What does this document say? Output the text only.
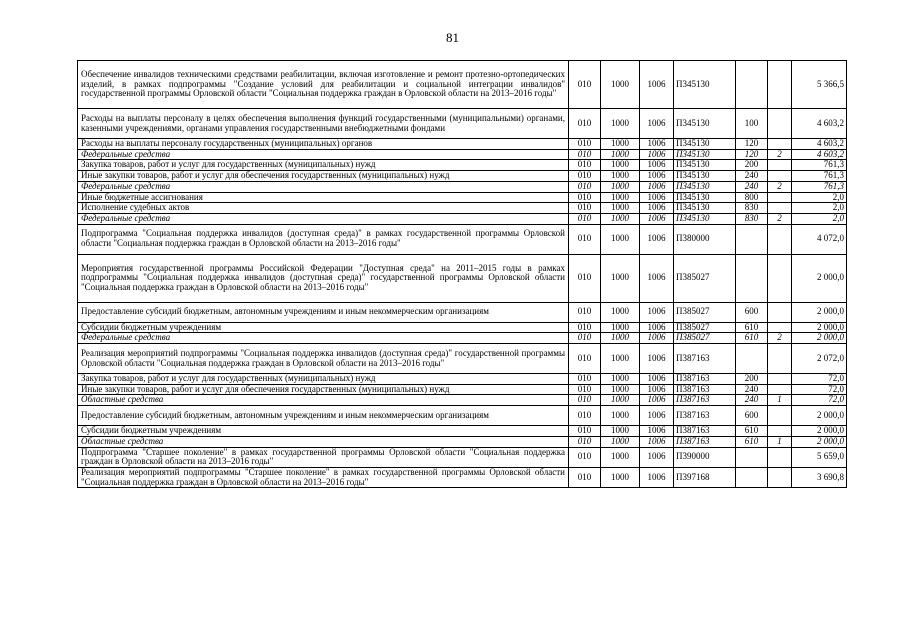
81
Обеспечение инвалидов техническими средствами реабилитации, включая изготовление и ремонт протезно-ортопедических изделий, в рамках подпрограммы "Создание условий для реабилитации и социальной интеграции инвалидов" государственной программы Орловской области "Социальная поддержка граждан в Орловской области на 2013–2016 годы"	010	1000	1006	П345130			5 366,5
Расходы на выплаты персоналу в целях обеспечения выполнения функций государственными (муниципальными) органами, казенными учреждениями, органами управления государственными внебюджетными фондами	010	1000	1006	П345130	100		4 603,2
Расходы на выплаты персоналу государственных (муниципальных) органов	010	1000	1006	П345130	120		4 603,2
Федеральные средства	010	1000	1006	П345130	120	2	4 603,2
Закупка товаров, работ и услуг для государственных (муниципальных) нужд	010	1000	1006	П345130	200		761,3
Иные закупки товаров, работ и услуг для обеспечения государственных (муниципальных) нужд	010	1000	1006	П345130	240		761,3
Федеральные средства	010	1000	1006	П345130	240	2	761,3
Иные бюджетные ассигнования	010	1000	1006	П345130	800		2,0
Исполнение судебных актов	010	1000	1006	П345130	830		2,0
Федеральные средства	010	1000	1006	П345130	830	2	2,0
Подпрограмма "Социальная поддержка инвалидов (доступная среда)" в рамках государственной программы Орловской области "Социальная поддержка граждан в Орловской области на 2013–2016 годы"	010	1000	1006	П380000			4 072,0
Мероприятия государственной программы Российской Федерации "Доступная среда" на 2011–2015 годы в рамках подпрограммы "Социальная поддержка инвалидов (доступная среда)" государственной программы Орловской области "Социальная поддержка граждан в Орловской области на 2013–2016 годы"	010	1000	1006	П385027			2 000,0
Предоставление субсидий бюджетным, автономным учреждениям и иным некоммерческим организациям	010	1000	1006	П385027	600		2 000,0
Субсидии бюджетным учреждениям	010	1000	1006	П385027	610		2 000,0
Федеральные средства	010	1000	1006	П385027	610	2	2 000,0
Реализация мероприятий подпрограммы "Социальная поддержка инвалидов (доступная среда)" государственной программы Орловской области "Социальная поддержка граждан в Орловской области на 2013–2016 годы"	010	1000	1006	П387163			2 072,0
Закупка товаров, работ и услуг для государственных (муниципальных) нужд	010	1000	1006	П387163	200		72,0
Иные закупки товаров, работ и услуг для обеспечения государственных (муниципальных) нужд	010	1000	1006	П387163	240		72,0
Областные средства	010	1000	1006	П387163	240	1	72,0
Предоставление субсидий бюджетным, автономным учреждениям и иным некоммерческим организациям	010	1000	1006	П387163	600		2 000,0
Субсидии бюджетным учреждениям	010	1000	1006	П387163	610		2 000,0
Областные средства	010	1000	1006	П387163	610	1	2 000,0
Подпрограмма "Старшее поколение" в рамках государственной программы Орловской области "Социальная поддержка граждан в Орловской области на 2013–2016 годы"	010	1000	1006	П390000			5 659,0
Реализация мероприятий подпрограммы "Старшее поколение" в рамках государственной программы Орловской области "Социальная поддержка граждан в Орловской области на 2013–2016 годы"	010	1000	1006	П397168			3 690,8
